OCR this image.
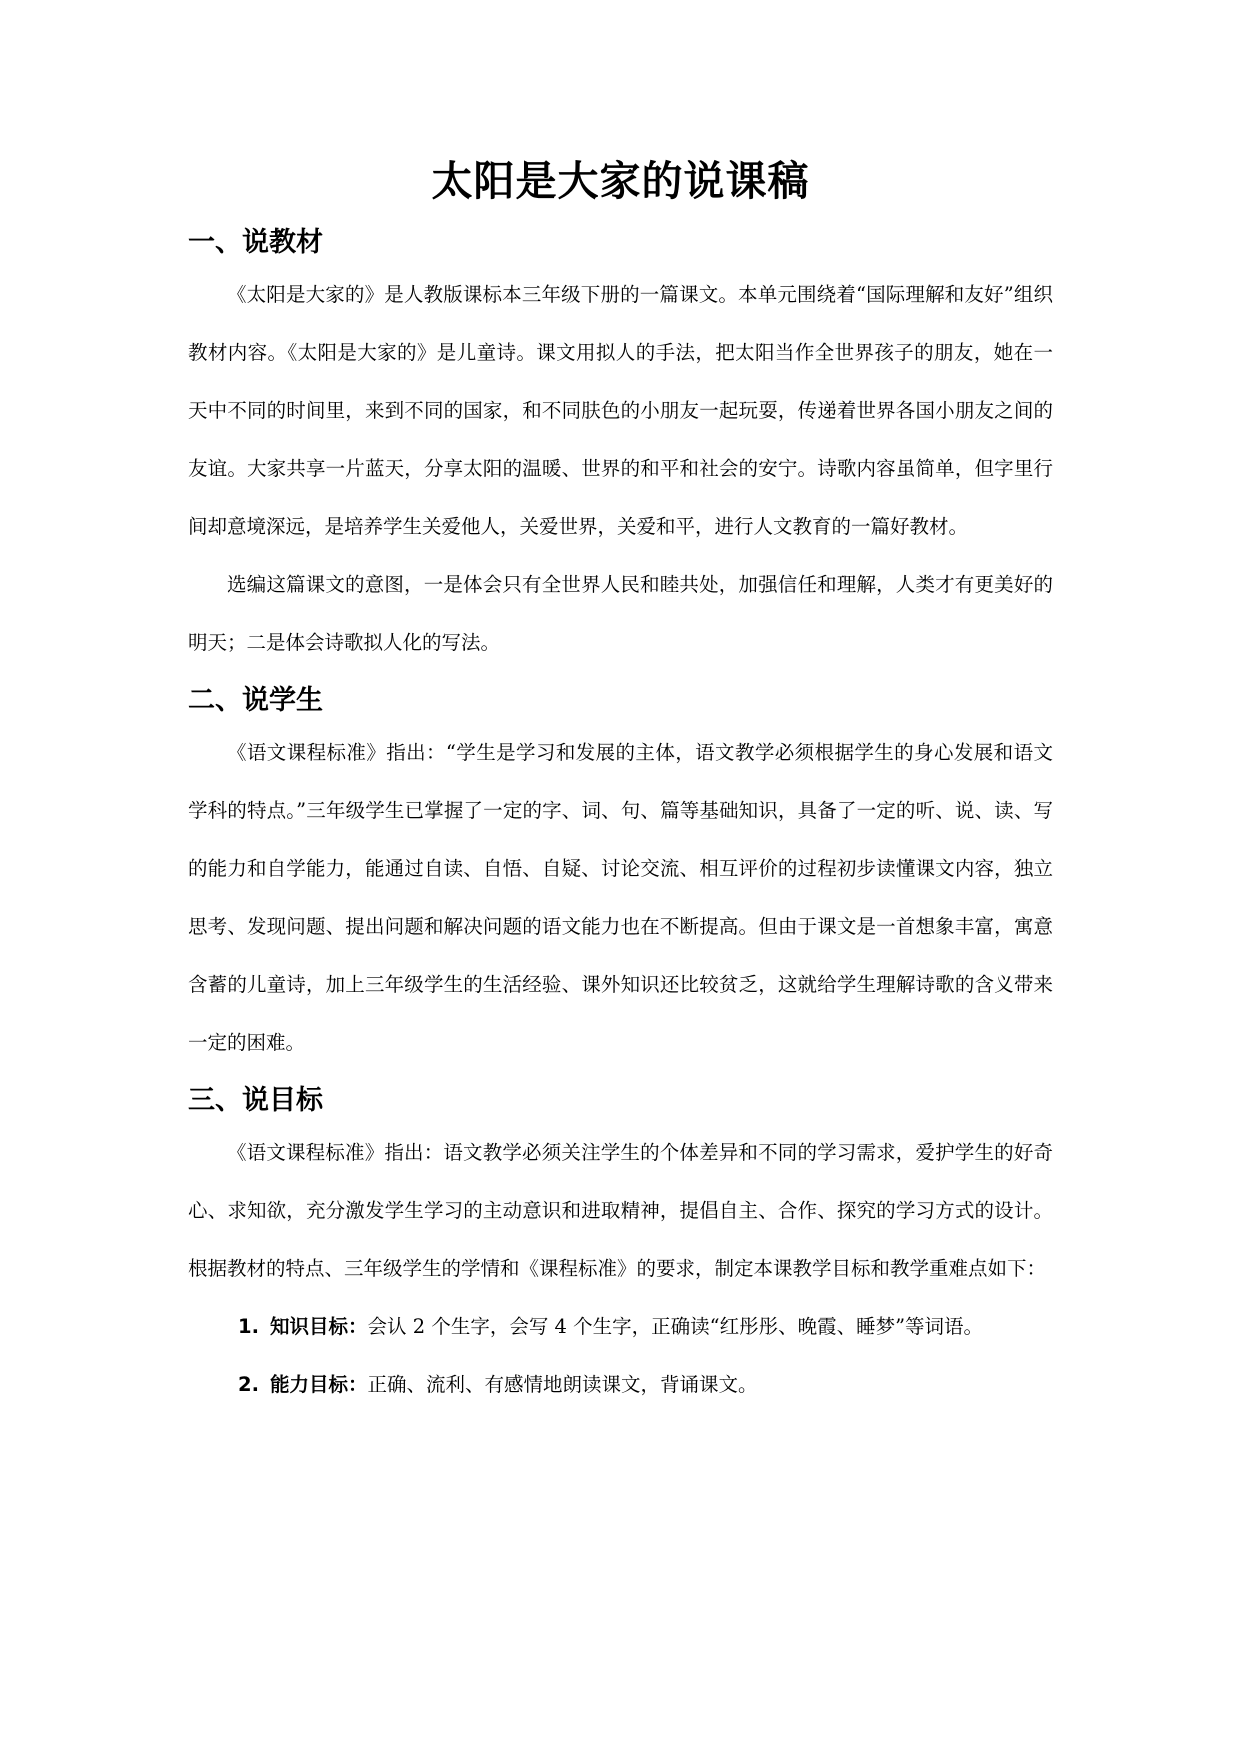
太阳是大家的说课稿
一、说教材

《太阳是大家的》是人教版课标本三年级下册的一篇课文。本单元围绕着“国际理解和友好”组织教材内容。《太阳是大家的》是儿童诗。课文用拟人的手法，把太阳当作全世界孩子的朋友，她在一天中不同的时间里，来到不同的国家，和不同肤色的小朋友一起玩耍，传递着世界各国小朋友之间的友谊。大家共享一片蓝天，分享太阳的温暖、世界的和平和社会的安宁。诗歌内容虽简单，但字里行间却意境深远，是培养学生关爱他人，关爱世界，关爱和平，进行人文教育的一篇好教材。

选编这篇课文的意图，一是体会只有全世界人民和睦共处，加强信任和理解，人类才有更美好的明天；二是体会诗歌拟人化的写法。

二、说学生

《语文课程标准》指出：“学生是学习和发展的主体，语文教学必须根据学生的身心发展和语文学科的特点。”三年级学生已掌握了一定的字、词、句、篇等基础知识，具备了一定的听、说、读、写的能力和自学能力，能通过自读、自悟、自疑、讨论交流、相互评价的过程初步读懂课文内容，独立思考、发现问题、提出问题和解决问题的语文能力也在不断提高。但由于课文是一首想象丰富，寓意含蓄的儿童诗，加上三年级学生的生活经验、课外知识还比较贫乏，这就给学生理解诗歌的含义带来一定的困难。

三、说目标

《语文课程标准》指出：语文教学必须关注学生的个体差异和不同的学习需求，爱护学生的好奇心、求知欲，充分激发学生学习的主动意识和进取精神，提倡自主、合作、探究的学习方式的设计。根据教材的特点、三年级学生的学情和《课程标准》的要求，制定本课教学目标和教学重难点如下：

1. 知识目标：会认 2 个生字，会写 4 个生字，正确读“红彤彤、晚霞、睡梦”等词语。
2. 能力目标：正确、流利、有感情地朗读课文，背诵课文。
